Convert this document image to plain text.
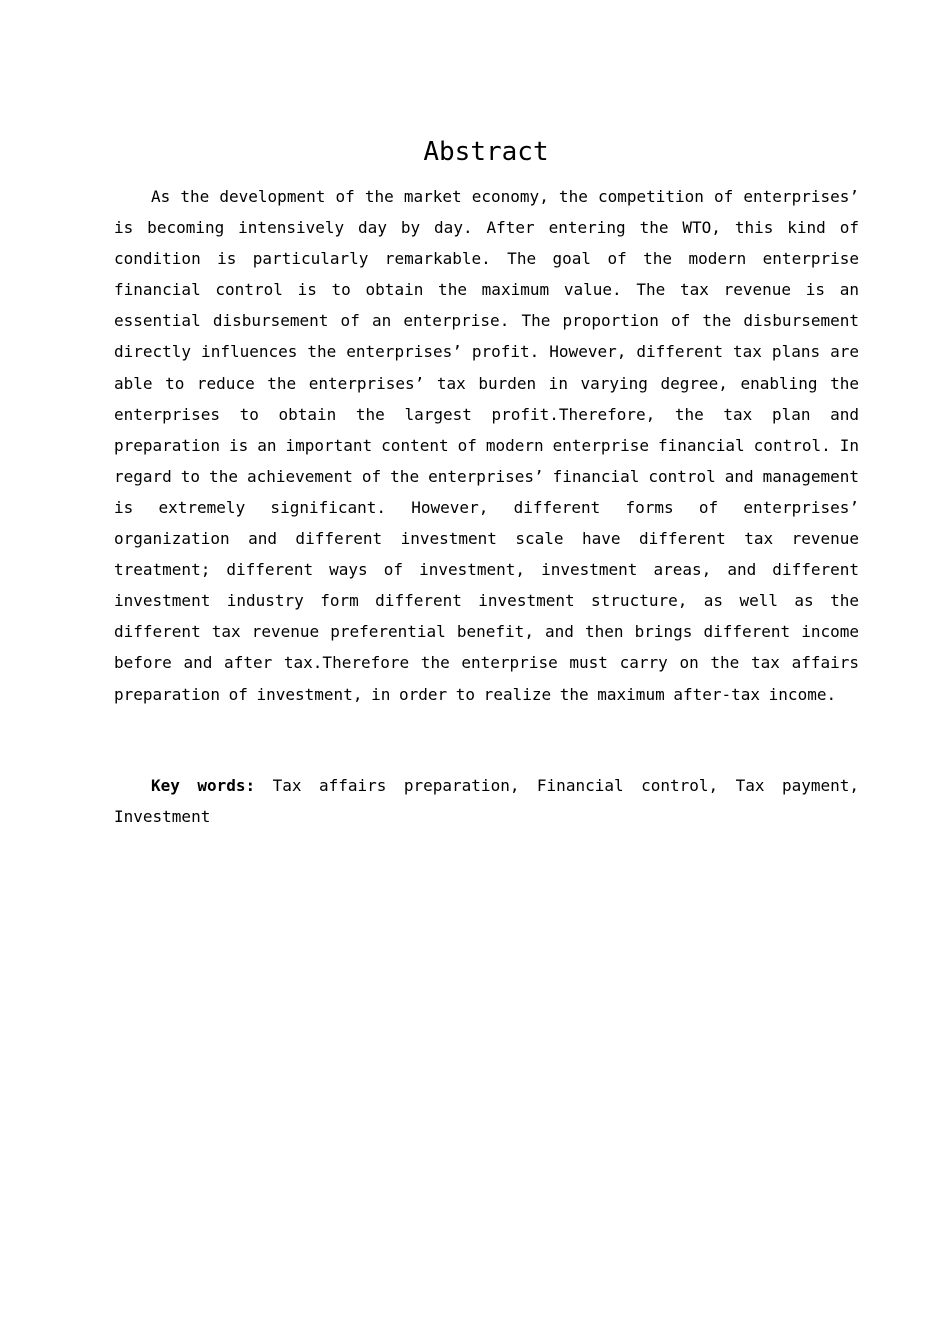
Abstract

As the development of the market economy, the competition of enterprises’ is becoming intensively day by day. After entering the WTO, this kind of condition is particularly remarkable. The goal of the modern enterprise financial control is to obtain the maximum value. The tax revenue is an essential disbursement of an enterprise. The proportion of the disbursement directly influences the enterprises’ profit. However, different tax plans are able to reduce the enterprises’ tax burden in varying degree, enabling the enterprises to obtain the largest profit.Therefore, the tax plan and preparation is an important content of modern enterprise financial control. In regard to the achievement of the enterprises’ financial control and management is extremely significant. However, different forms of enterprises’ organization and different investment scale have different tax revenue treatment; different ways of investment, investment areas, and different investment industry form different investment structure, as well as the different tax revenue preferential benefit, and then brings different income before and after tax.Therefore the enterprise must carry on the tax affairs preparation of investment, in order to realize the maximum after-tax income.

Key words: Tax affairs preparation, Financial control, Tax payment, Investment
